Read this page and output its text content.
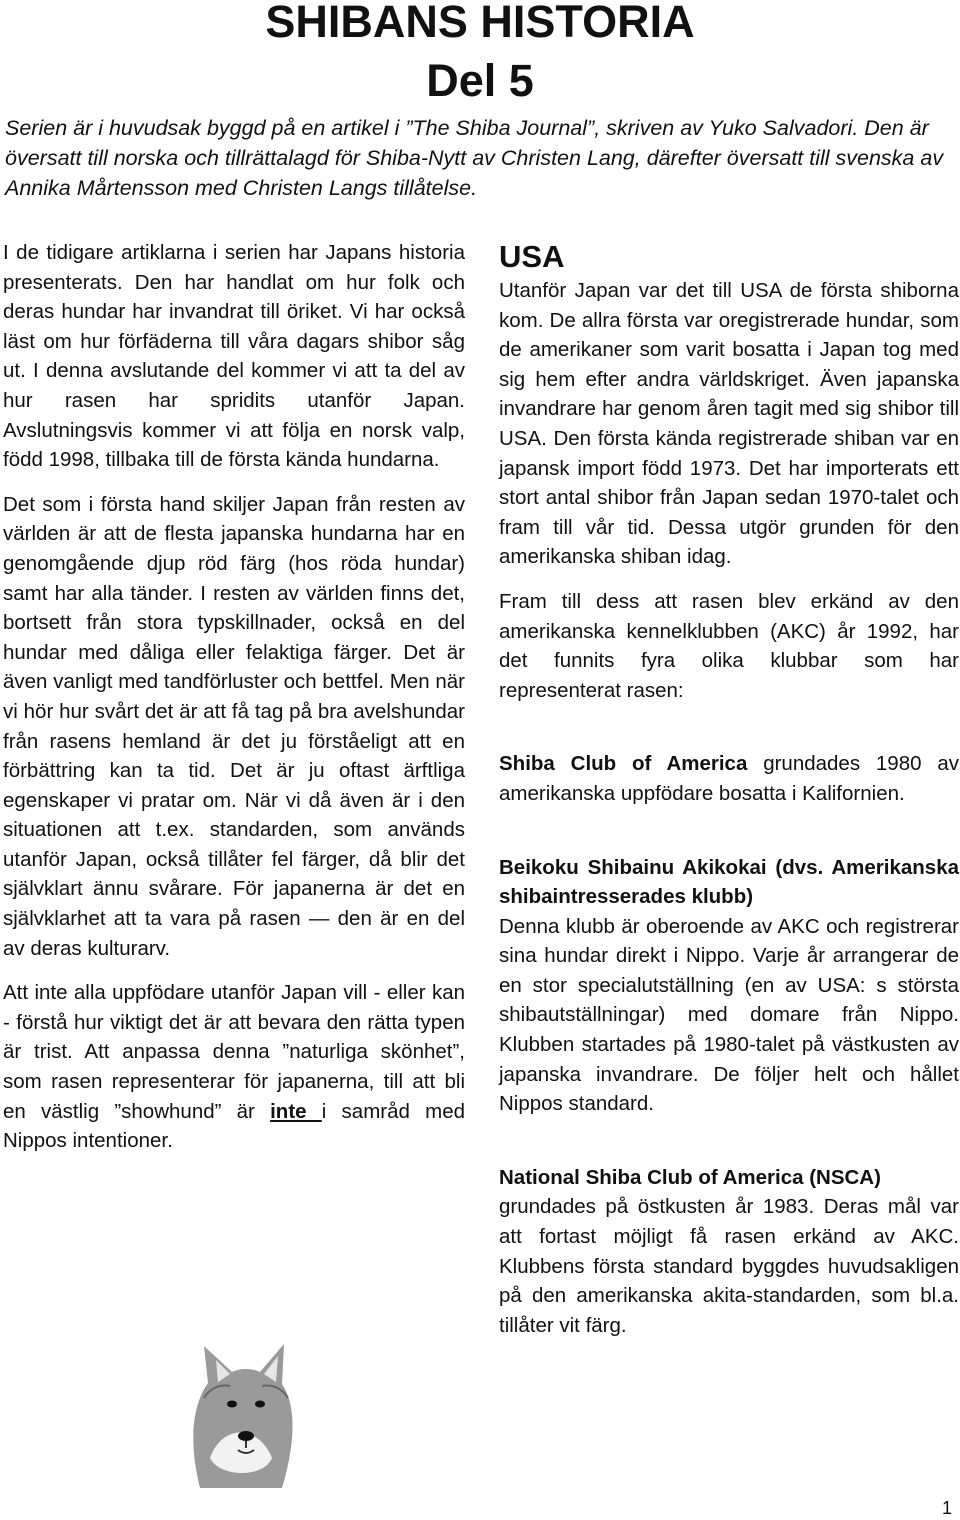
SHIBANS HISTORIA
Del 5

Serien är i huvudsak byggd på en artikel i ”The Shiba Journal”, skriven av Yuko Salvadori. Den är översatt till norska och tillrättalagd för Shiba-Nytt av Christen Lang, därefter översatt till svenska av Annika Mårtensson med Christen Langs tillåtelse.

I de tidigare artiklarna i serien har Japans historia presenterats. Den har handlat om hur folk och deras hundar har invandrat till öriket. Vi har också läst om hur förfäderna till våra dagars shibor såg ut. I denna avslutande del kommer vi att ta del av hur rasen har spridits utanför Japan. Avslutningsvis kommer vi att följa en norsk valp, född 1998, tillbaka till de första kända hundarna.

Det som i första hand skiljer Japan från resten av världen är att de flesta japanska hundarna har en genomgående djup röd färg (hos röda hundar) samt har alla tänder. I resten av världen finns det, bortsett från stora typskillnader, också en del hundar med dåliga eller felaktiga färger. Det är även vanligt med tandförluster och bettfel. Men när vi hör hur svårt det är att få tag på bra avelshundar från rasens hemland är det ju förståeligt att en förbättring kan ta tid. Det är ju oftast ärftliga egenskaper vi pratar om. När vi då även är i den situationen att t.ex. standarden, som används utanför Japan, också tillåter fel färger, då blir det självklart ännu svårare. För japanerna är det en självklarhet att ta vara på rasen — den är en del av deras kulturarv.

Att inte alla uppfödare utanför Japan vill - eller kan - förstå hur viktigt det är att bevara den rätta typen är trist. Att anpassa denna ”naturliga skönhet”, som rasen representerar för japanerna, till att bli en västlig ”showhund” är inte i samråd med Nippos intentioner.

USA

Utanför Japan var det till USA de första shiborna kom. De allra första var oregistrerade hundar, som de amerikaner som varit bosatta i Japan tog med sig hem efter andra världskriget. Även japanska invandrare har genom åren tagit med sig shibor till USA. Den första kända registrerade shiban var en japansk import född 1973. Det har importerats ett stort antal shibor från Japan sedan 1970-talet och fram till vår tid. Dessa utgör grunden för den amerikanska shiban idag.

Fram till dess att rasen blev erkänd av den amerikanska kennelklubben (AKC) år 1992, har det funnits fyra olika klubbar som har representerat rasen:

Shiba Club of America grundades 1980 av amerikanska uppfödare bosatta i Kalifornien.

Beikoku Shibainu Akikokai (dvs. Amerikanska shibaintresserades klubb)
Denna klubb är oberoende av AKC och registrerar sina hundar direkt i Nippo. Varje år arrangerar de en stor specialutställning (en av USA: s största shibautställningar) med domare från Nippo. Klubben startades på 1980-talet på västkusten av japanska invandrare. De följer helt och hållet Nippos standard.

National Shiba Club of America (NSCA)
grundades på östkusten år 1983. Deras mål var att fortast möjligt få rasen erkänd av AKC. Klubbens första standard byggdes huvudsakligen på den amerikanska akita-standarden, som bl.a. tillåter vit färg.

1
